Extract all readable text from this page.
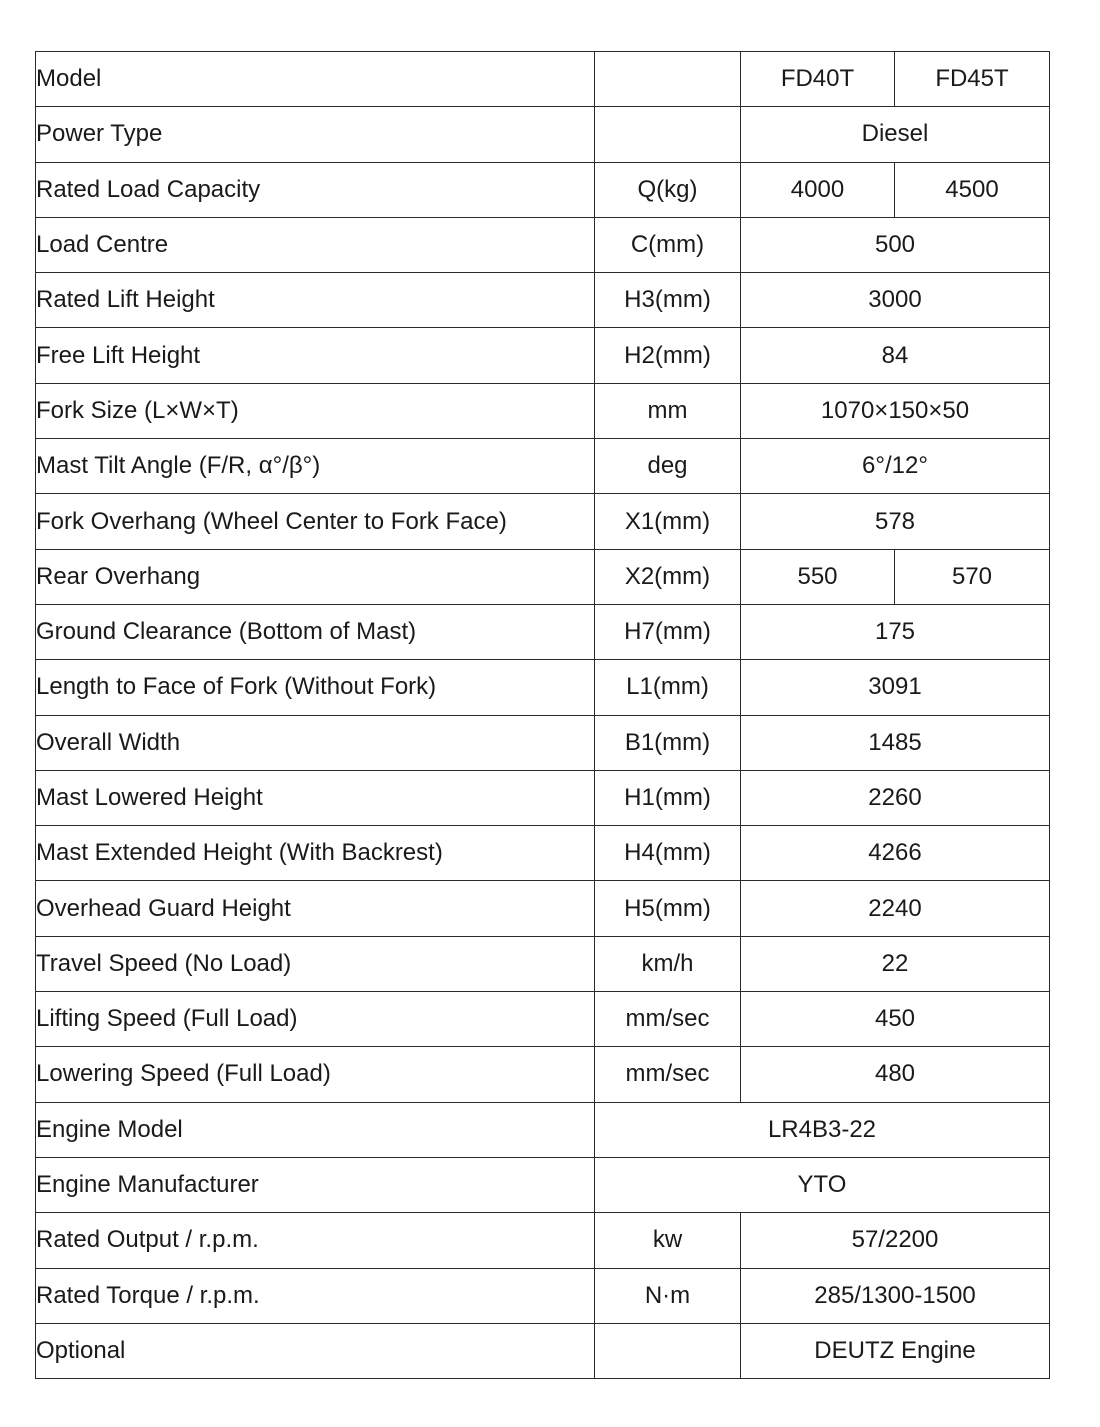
Model		FD40T	FD45T
Power Type		Diesel	
Rated Load Capacity	Q(kg)	4000	4500
Load Centre	C(mm)	500	
Rated Lift Height	H3(mm)	3000	
Free Lift Height	H2(mm)	84	
Fork Size (L×W×T)	mm	1070×150×50	
Mast Tilt Angle (F/R, α°/β°)	deg	6°/12°	
Fork Overhang (Wheel Center to Fork Face)	X1(mm)	578	
Rear Overhang	X2(mm)	550	570
Ground Clearance (Bottom of Mast)	H7(mm)	175	
Length to Face of Fork (Without Fork)	L1(mm)	3091	
Overall Width	B1(mm)	1485	
Mast Lowered Height	H1(mm)	2260	
Mast Extended Height (With Backrest)	H4(mm)	4266	
Overhead Guard Height	H5(mm)	2240	
Travel Speed (No Load)	km/h	22	
Lifting Speed (Full Load)	mm/sec	450	
Lowering Speed (Full Load)	mm/sec	480	
Engine Model	LR4B3-22		
Engine Manufacturer	YTO		
Rated Output / r.p.m.	kw	57/2200	
Rated Torque / r.p.m.	N·m	285/1300-1500	
Optional		DEUTZ Engine	
